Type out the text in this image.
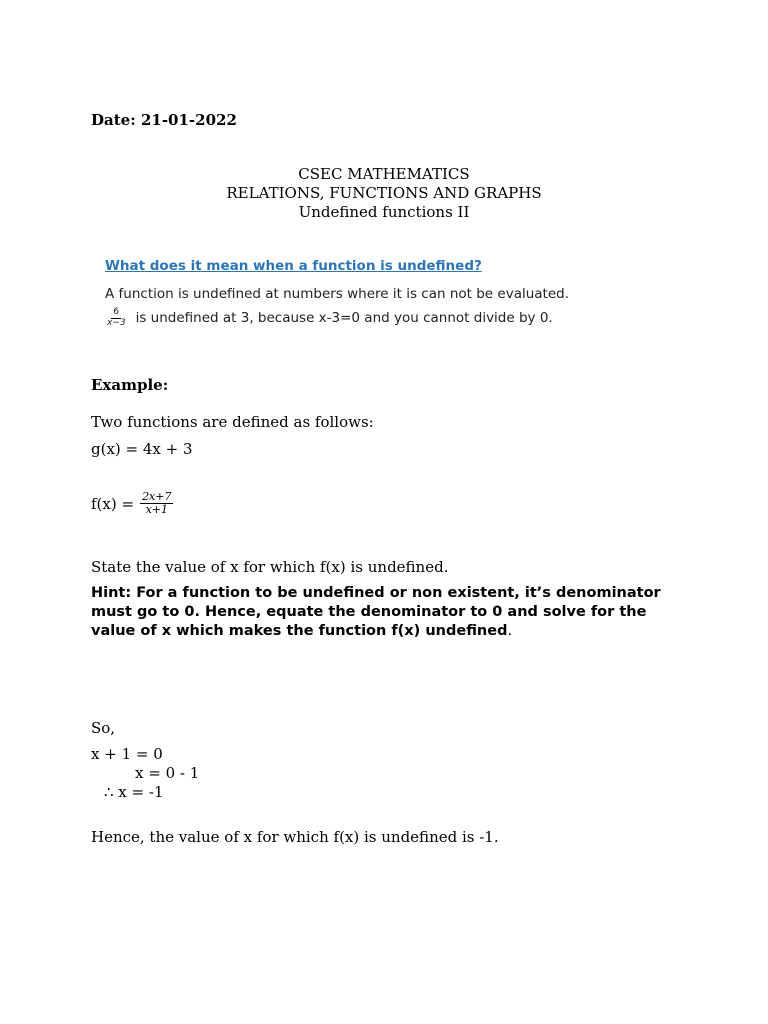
Date: 21-01-2022
CSEC MATHEMATICS
RELATIONS, FUNCTIONS AND GRAPHS
Undefined functions II
What does it mean when a function is undefined?
A function is undefined at numbers where it is can not be evaluated.
$\frac{6}{x-3}$ is undefined at 3, because x-3=0 and you cannot divide by 0.
Example:
Two functions are defined as follows:
g(x) = 4x + 3
$f(x) = \frac{2x+7}{x+1}$
State the value of x for which f(x) is undefined.
Hint: For a function to be undefined or non existent, it’s denominator must go to 0. Hence, equate the denominator to 0 and solve for the value of x which makes the function f(x) undefined.
So,
x + 1 = 0
x = 0 - 1
∴ x = -1
Hence, the value of x for which f(x) is undefined is -1.
